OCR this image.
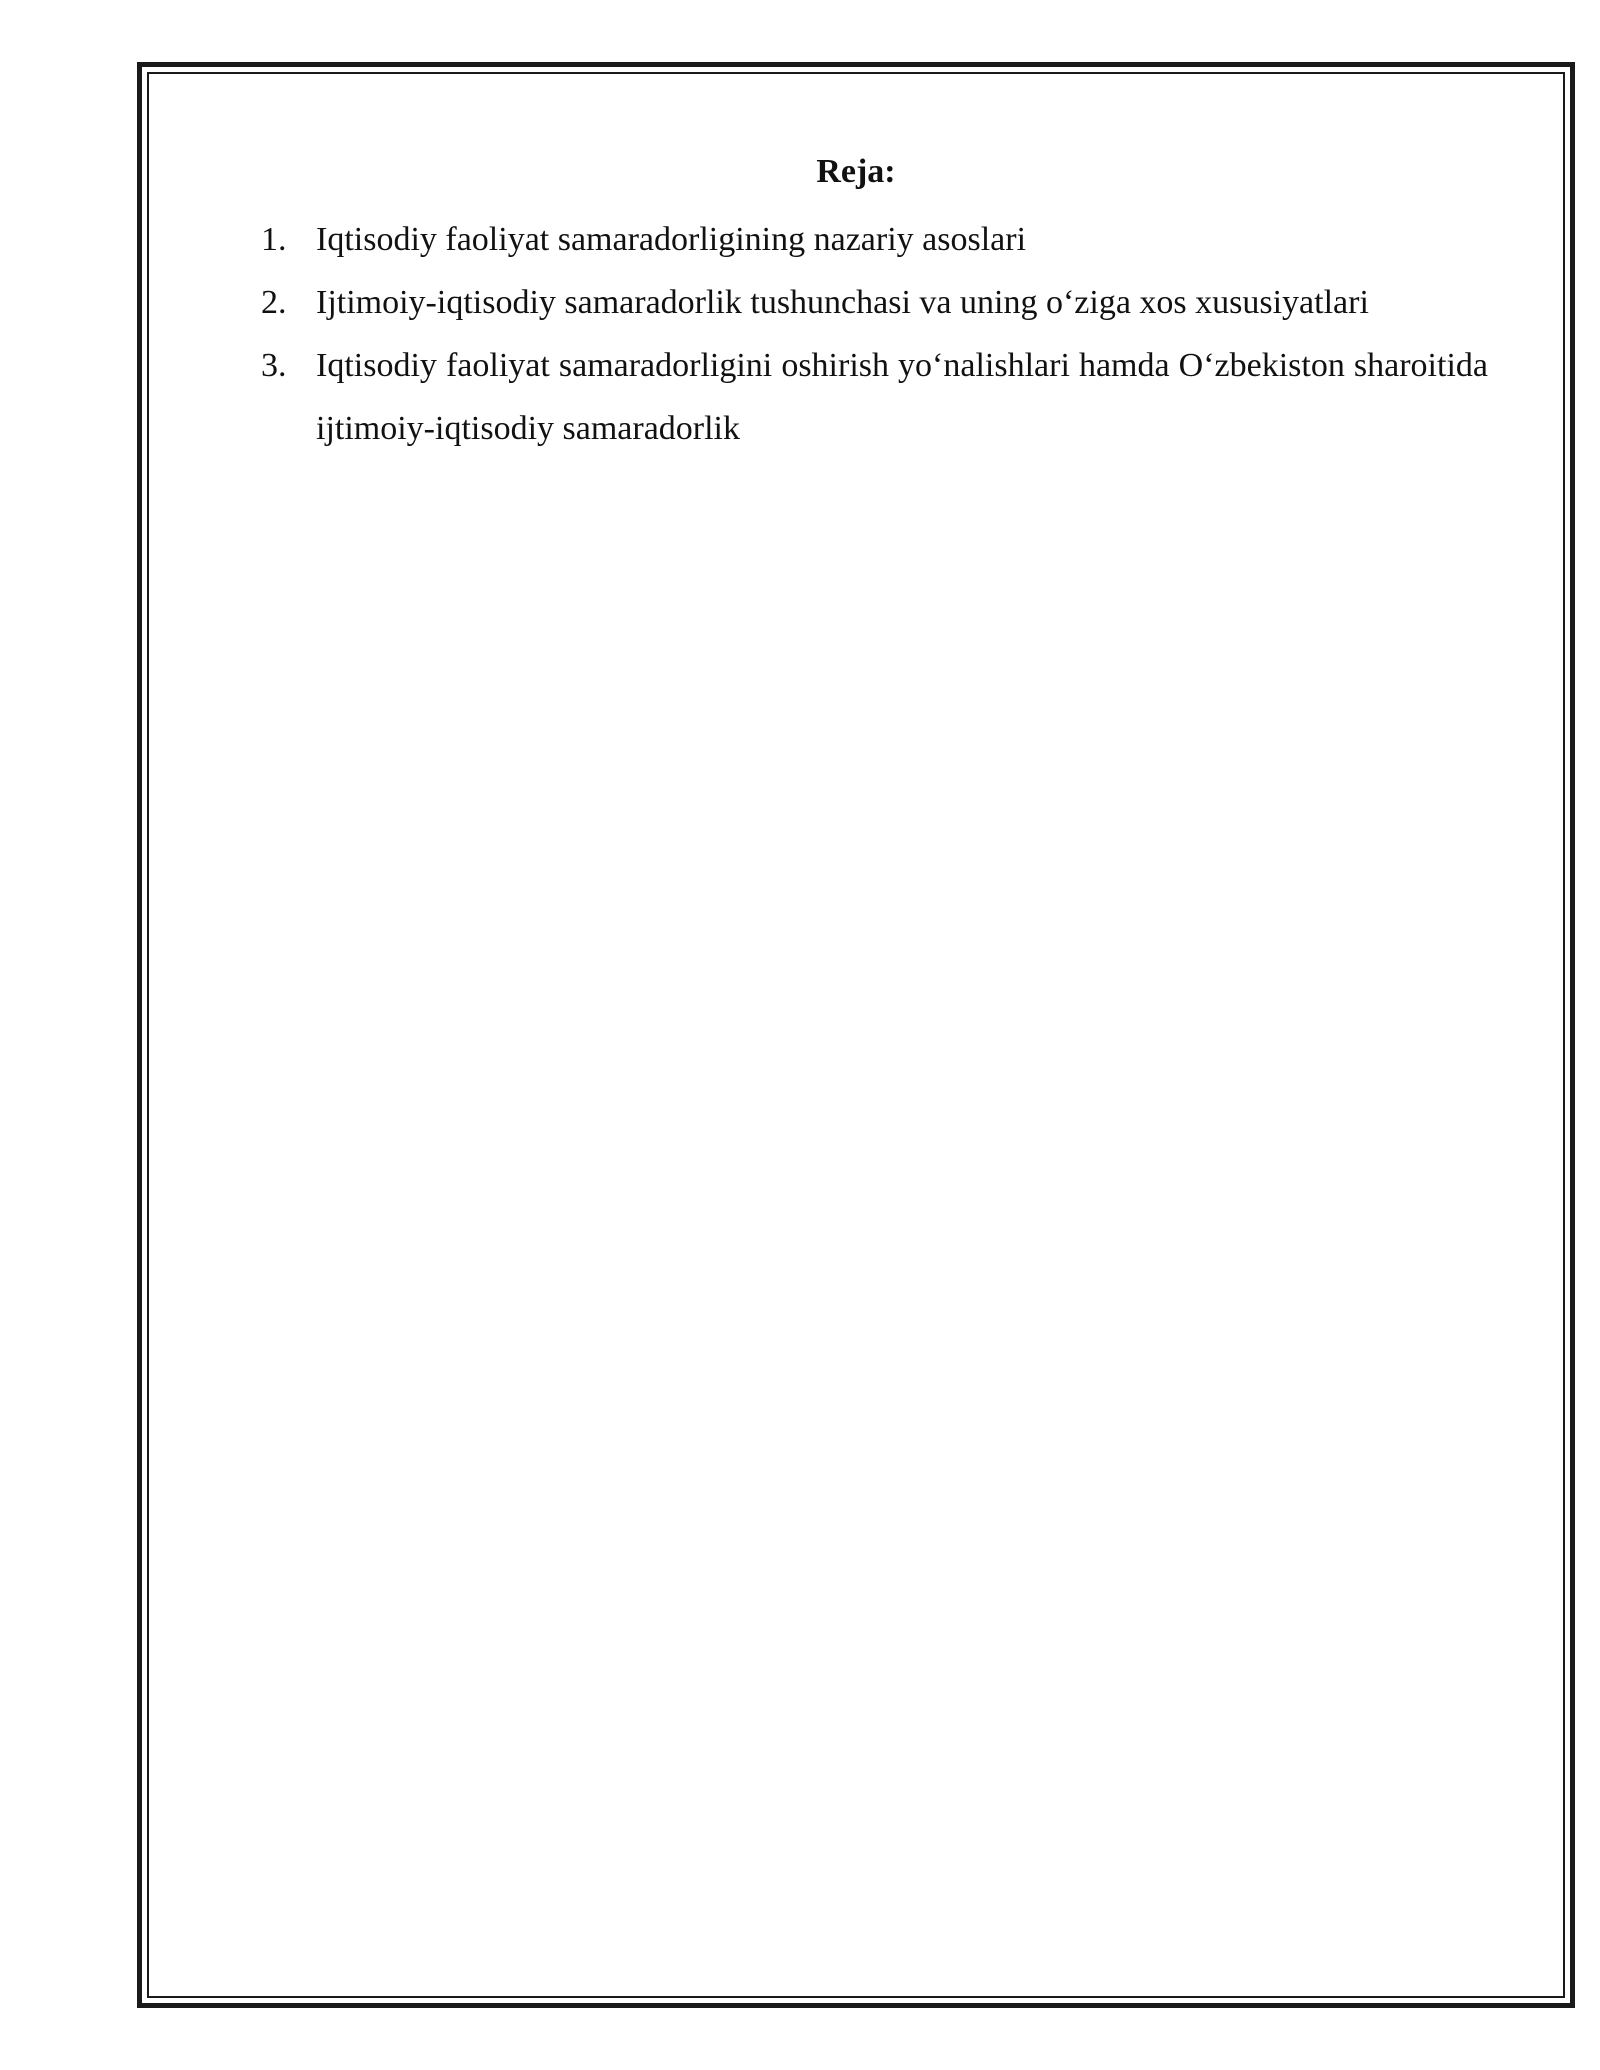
Reja:
1. Iqtisodiy faoliyat samaradorligining nazariy asoslari
2. Ijtimoiy-iqtisodiy samaradorlik tushunchasi va uning o‘ziga xos xususiyatlari
3. Iqtisodiy faoliyat samaradorligini oshirish yo‘nalishlari hamda O‘zbekiston sharoitida ijtimoiy-iqtisodiy samaradorlik
